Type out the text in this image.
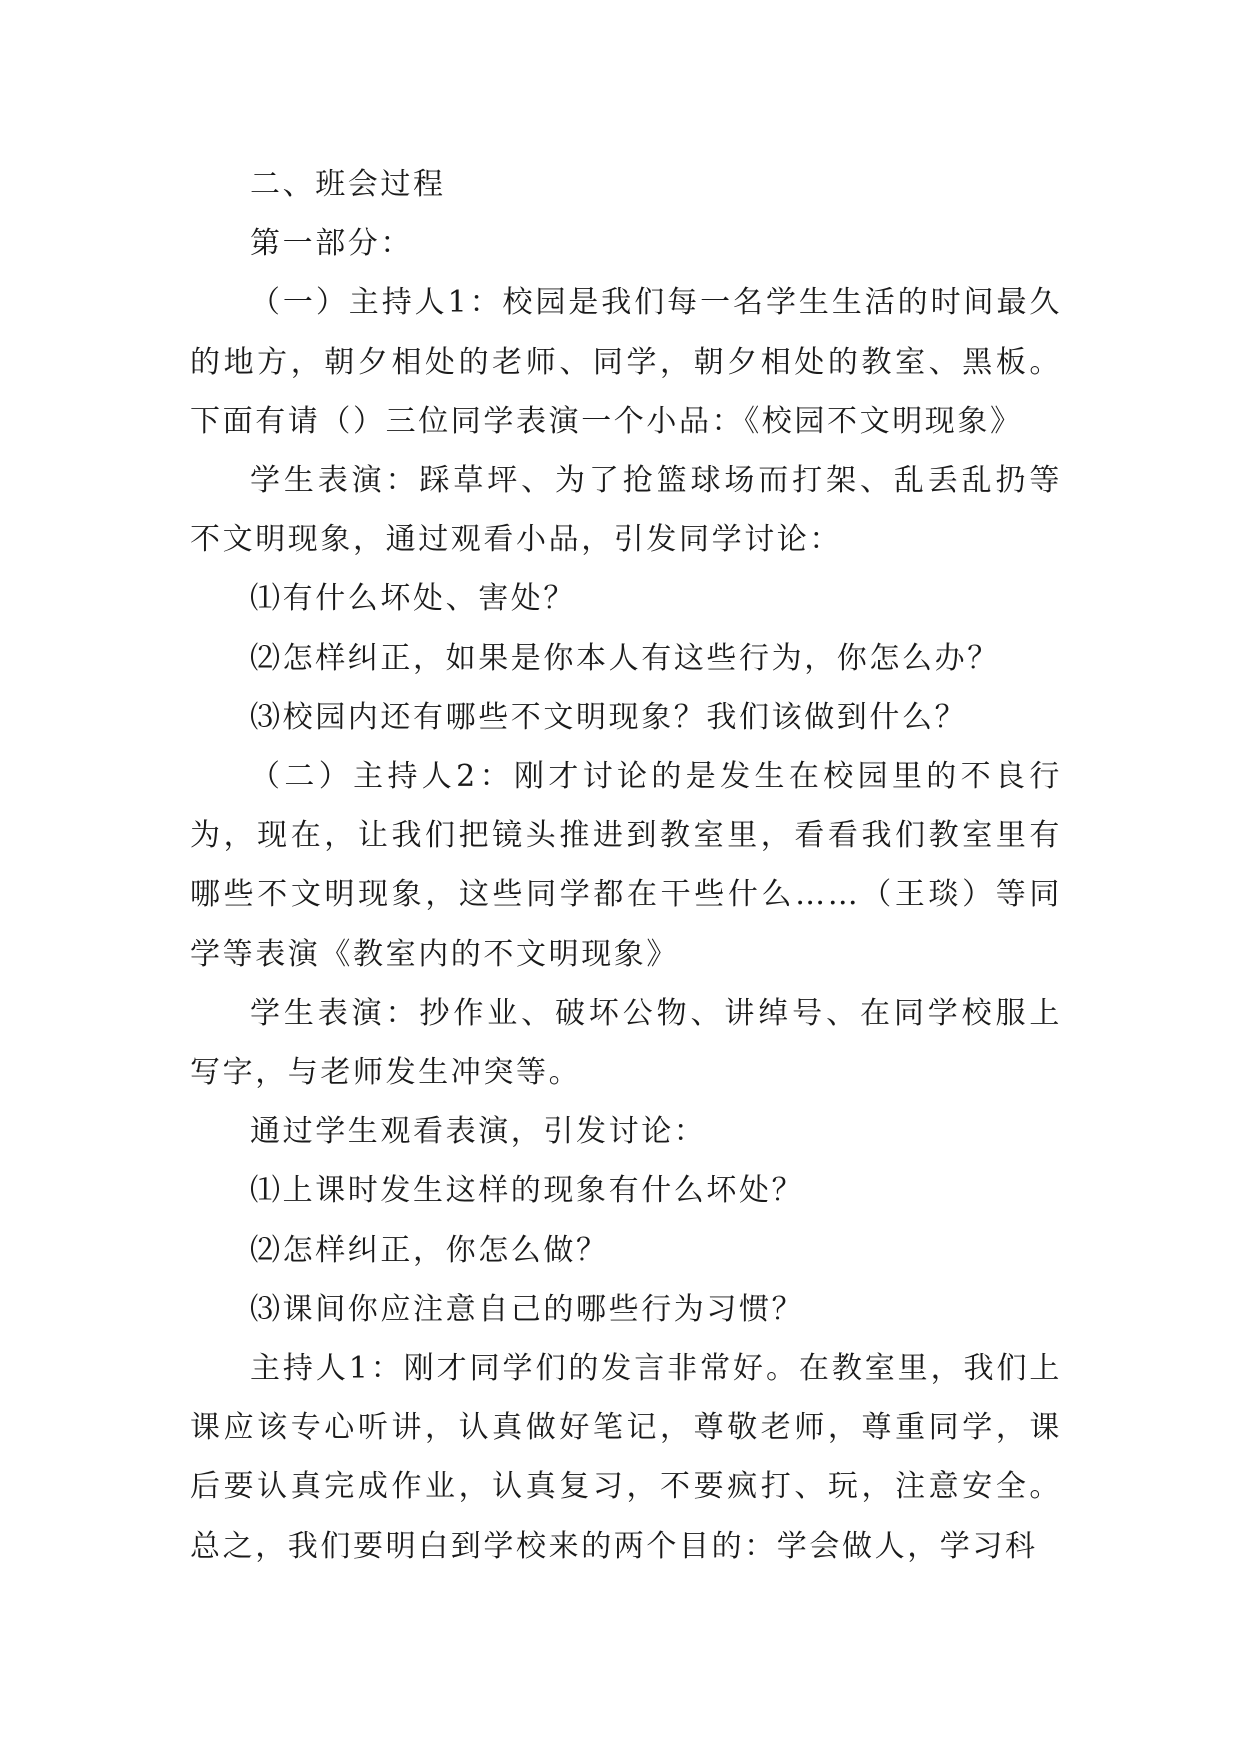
二、班会过程

第一部分：

（一）主持人1：校园是我们每一名学生生活的时间最久的地方，朝夕相处的老师、同学，朝夕相处的教室、黑板。下面有请（）三位同学表演一个小品：《校园不文明现象》

学生表演：踩草坪、为了抢篮球场而打架、乱丢乱扔等不文明现象，通过观看小品，引发同学讨论：

⑴有什么坏处、害处？

⑵怎样纠正，如果是你本人有这些行为，你怎么办？

⑶校园内还有哪些不文明现象？我们该做到什么？

（二）主持人2：刚才讨论的是发生在校园里的不良行为，现在，让我们把镜头推进到教室里，看看我们教室里有哪些不文明现象，这些同学都在干些什么……（王琰）等同学等表演《教室内的不文明现象》

学生表演：抄作业、破坏公物、讲绰号、在同学校服上写字，与老师发生冲突等。

通过学生观看表演，引发讨论：

⑴上课时发生这样的现象有什么坏处？

⑵怎样纠正，你怎么做？

⑶课间你应注意自己的哪些行为习惯？

主持人1：刚才同学们的发言非常好。在教室里，我们上课应该专心听讲，认真做好笔记，尊敬老师，尊重同学，课后要认真完成作业，认真复习，不要疯打、玩，注意安全。总之，我们要明白到学校来的两个目的：学会做人，学习科
